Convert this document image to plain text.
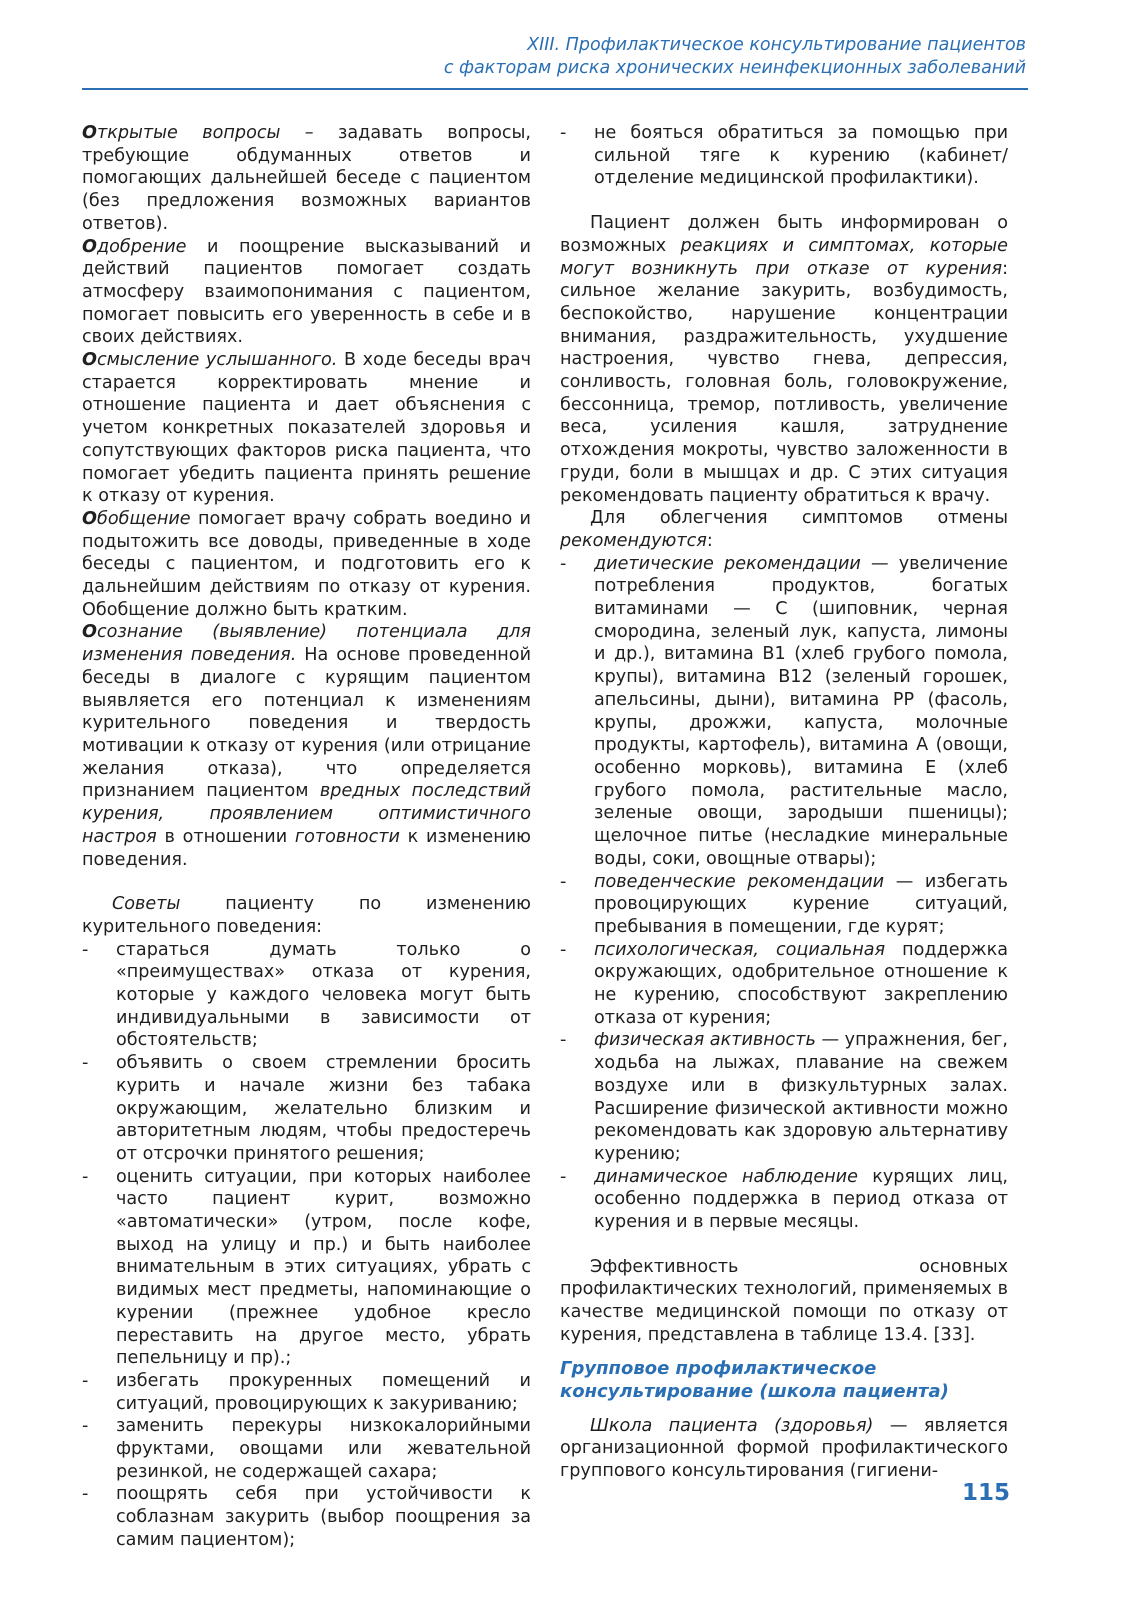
XIII. Профилактическое консультирование пациентов
с факторам риска хронических неинфекционных заболеваний
Открытые вопросы – задавать вопросы, требующие обдуманных ответов и помогающих дальнейшей беседе с пациентом (без предложения возможных вариантов ответов).
Одобрение и поощрение высказываний и действий пациентов помогает создать атмосферу взаимопонимания с пациентом, помогает повысить его уверенность в себе и в своих действиях.
Осмысление услышанного. В ходе беседы врач старается корректировать мнение и отношение пациента и дает объяснения с учетом конкретных показателей здоровья и сопутствующих факторов риска пациента, что помогает убедить пациента принять решение к отказу от курения.
Обобщение помогает врачу собрать воедино и подытожить все доводы, приведенные в ходе беседы с пациентом, и подготовить его к дальнейшим действиям по отказу от курения. Обобщение должно быть кратким.
Осознание (выявление) потенциала для изменения поведения. На основе проведенной беседы в диалоге с курящим пациентом выявляется его потенциал к изменениям курительного поведения и твердость мотивации к отказу от курения (или отрицание желания отказа), что определяется признанием пациентом вредных последствий курения, проявлением оптимистичного настроя в отношении готовности к изменению поведения.

Советы пациенту по изменению курительного поведения:

- стараться думать только о «преимуществах» отказа от курения, которые у каждого человека могут быть индивидуальными в зависимости от обстоятельств;
- объявить о своем стремлении бросить курить и начале жизни без табака окружающим, желательно близким и авторитетным людям, чтобы предостеречь от отсрочки принятого решения;
- оценить ситуации, при которых наиболее часто пациент курит, возможно «автоматически» (утром, после кофе, выход на улицу и пр.) и быть наиболее внимательным в этих ситуациях, убрать с видимых мест предметы, напоминающие о курении (прежнее удобное кресло переставить на другое место, убрать пепельницу и пр).;
- избегать прокуренных помещений и ситуаций, провоцирующих к закуриванию;
- заменить перекуры низкокалорийными фруктами, овощами или жевательной резинкой, не содержащей сахара;
- поощрять себя при устойчивости к соблазнам закурить (выбор поощрения за самим пациентом);
- не бояться обратиться за помощью при сильной тяге к курению (кабинет/отделение медицинской профилактики).

Пациент должен быть информирован о возможных реакциях и симптомах, которые могут возникнуть при отказе от курения: сильное желание закурить, возбудимость, беспокойство, нарушение концентрации внимания, раздражительность, ухудшение настроения, чувство гнева, депрессия, сонливость, головная боль, головокружение, бессонница, тремор, потливость, увеличение веса, усиления кашля, затруднение отхождения мокроты, чувство заложенности в груди, боли в мышцах и др. С этих ситуация рекомендовать пациенту обратиться к врачу.

Для облегчения симптомов отмены рекомендуются:

- диетические рекомендации — увеличение потребления продуктов, богатых витаминами — С (шиповник, черная смородина, зеленый лук, капуста, лимоны и др.), витамина В1 (хлеб грубого помола, крупы), витамина В12 (зеленый горошек, апельсины, дыни), витамина РР (фасоль, крупы, дрожжи, капуста, молочные продукты, картофель), витамина А (овощи, особенно морковь), витамина Е (хлеб грубого помола, растительные масло, зеленые овощи, зародыши пшеницы); щелочное питье (несладкие минеральные воды, соки, овощные отвары);
- поведенческие рекомендации — избегать провоцирующих курение ситуаций, пребывания в помещении, где курят;
- психологическая, социальная поддержка окружающих, одобрительное отношение к не курению, способствуют закреплению отказа от курения;
- физическая активность — упражнения, бег, ходьба на лыжах, плавание на свежем воздухе или в физкультурных залах. Расширение физической активности можно рекомендовать как здоровую альтернативу курению;
- динамическое наблюдение курящих лиц, особенно поддержка в период отказа от курения и в первые месяцы.

Эффективность основных профилактических технологий, применяемых в качестве медицинской помощи по отказу от курения, представлена в таблице 13.4. [33].

Групповое профилактическое
консультирование (школа пациента)

Школа пациента (здоровья) — является организационной формой профилактического группового консультирования (гигиени-

115
